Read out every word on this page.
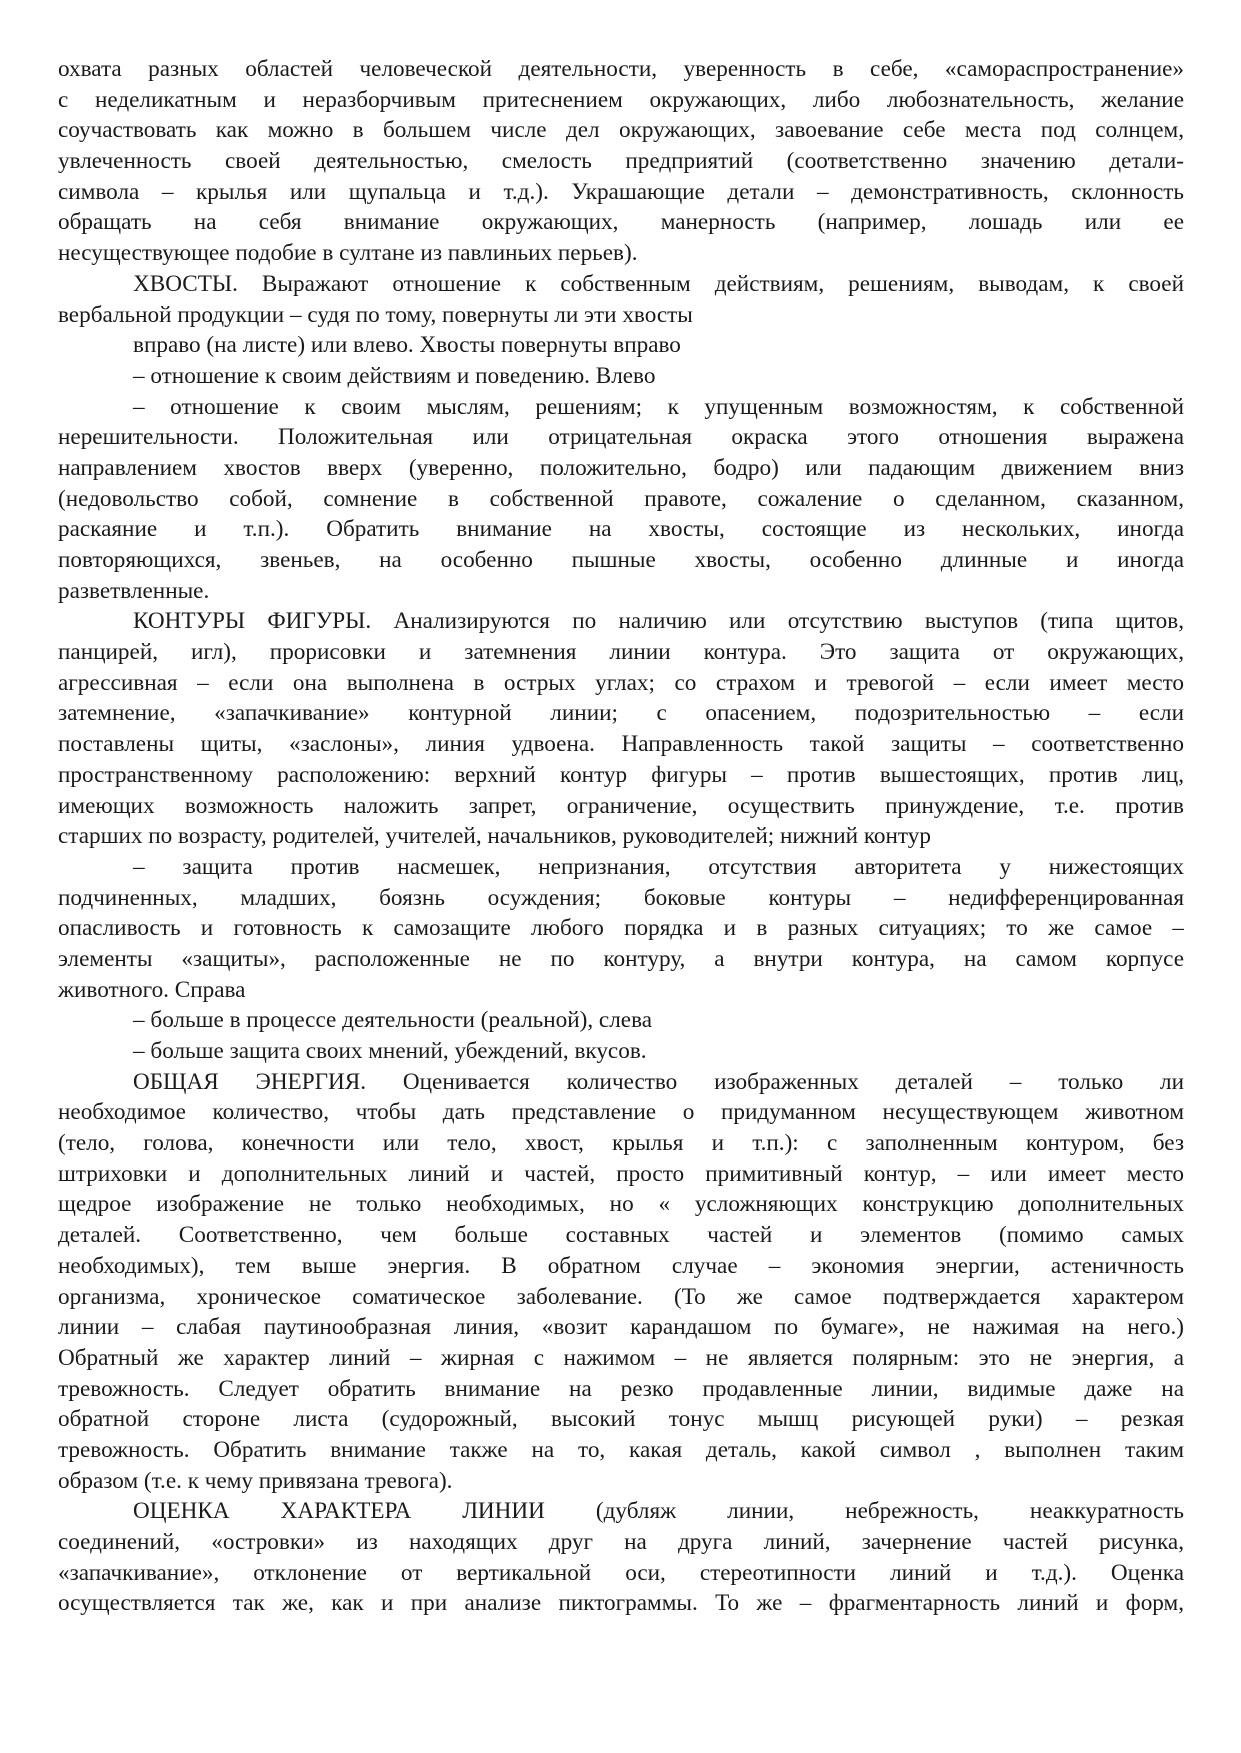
охвата разных областей человеческой деятельности, уверенность в себе, «самораспространение»
с неделикатным и неразборчивым притеснением окружающих, либо любознательность, желание
соучаствовать как можно в большем числе дел окружающих, завоевание себе места под солнцем,
увлеченность своей деятельностью, смелость предприятий (соответственно значению детали-
символа – крылья или щупальца и т.д.). Украшающие детали – демонстративность, склонность
обращать на себя внимание окружающих, манерность (например, лошадь или ее
несуществующее подобие в султане из павлиньих перьев).
ХВОСТЫ. Выражают отношение к собственным действиям, решениям, выводам, к своей
вербальной продукции – судя по тому, повернуты ли эти хвосты
вправо (на листе) или влево. Хвосты повернуты вправо
– отношение к своим действиям и поведению. Влево
– отношение к своим мыслям, решениям; к упущенным возможностям, к собственной
нерешительности. Положительная или отрицательная окраска этого отношения выражена
направлением хвостов вверх (уверенно, положительно, бодро) или падающим движением вниз
(недовольство собой, сомнение в собственной правоте, сожаление о сделанном, сказанном,
раскаяние и т.п.). Обратить внимание на хвосты, состоящие из нескольких, иногда
повторяющихся, звеньев, на особенно пышные хвосты, особенно длинные и иногда
разветвленные.
КОНТУРЫ ФИГУРЫ. Анализируются по наличию или отсутствию выступов (типа щитов,
панцирей, игл), прорисовки и затемнения линии контура. Это защита от окружающих,
агрессивная – если она выполнена в острых углах; со страхом и тревогой – если имеет место
затемнение, «запачкивание» контурной линии; с опасением, подозрительностью – если
поставлены щиты, «заслоны», линия удвоена. Направленность такой защиты – соответственно
пространственному расположению: верхний контур фигуры – против вышестоящих, против лиц,
имеющих возможность наложить запрет, ограничение, осуществить принуждение, т.е. против
старших по возрасту, родителей, учителей, начальников, руководителей; нижний контур
– защита против насмешек, непризнания, отсутствия авторитета у нижестоящих
подчиненных, младших, боязнь осуждения; боковые контуры – недифференцированная
опасливость и готовность к самозащите любого порядка и в разных ситуациях; то же самое –
элементы «защиты», расположенные не по контуру, а внутри контура, на самом корпусе
животного. Справа
– больше в процессе деятельности (реальной), слева
– больше защита своих мнений, убеждений, вкусов.
ОБЩАЯ ЭНЕРГИЯ. Оценивается количество изображенных деталей – только ли
необходимое количество, чтобы дать представление о придуманном несуществующем животном
(тело, голова, конечности или тело, хвост, крылья и т.п.): с заполненным контуром, без
штриховки и дополнительных линий и частей, просто примитивный контур, – или имеет место
щедрое изображение не только необходимых, но « усложняющих конструкцию дополнительных
деталей. Соответственно, чем больше составных частей и элементов (помимо самых
необходимых), тем выше энергия. В обратном случае – экономия энергии, астеничность
организма, хроническое соматическое заболевание. (То же самое подтверждается характером
линии – слабая паутинообразная линия, «возит карандашом по бумаге», не нажимая на него.)
Обратный же характер линий – жирная с нажимом – не является полярным: это не энергия, а
тревожность. Следует обратить внимание на резко продавленные линии, видимые даже на
обратной стороне листа (судорожный, высокий тонус мышц рисующей руки) – резкая
тревожность. Обратить внимание также на то, какая деталь, какой символ , выполнен таким
образом (т.е. к чему привязана тревога).
ОЦЕНКА ХАРАКТЕРА ЛИНИИ (дубляж линии, небрежность, неаккуратность
соединений, «островки» из находящих друг на друга линий, зачернение частей рисунка,
«запачкивание», отклонение от вертикальной оси, стереотипности линий и т.д.). Оценка
осуществляется так же, как и при анализе пиктограммы. То же – фрагментарность линий и форм,
